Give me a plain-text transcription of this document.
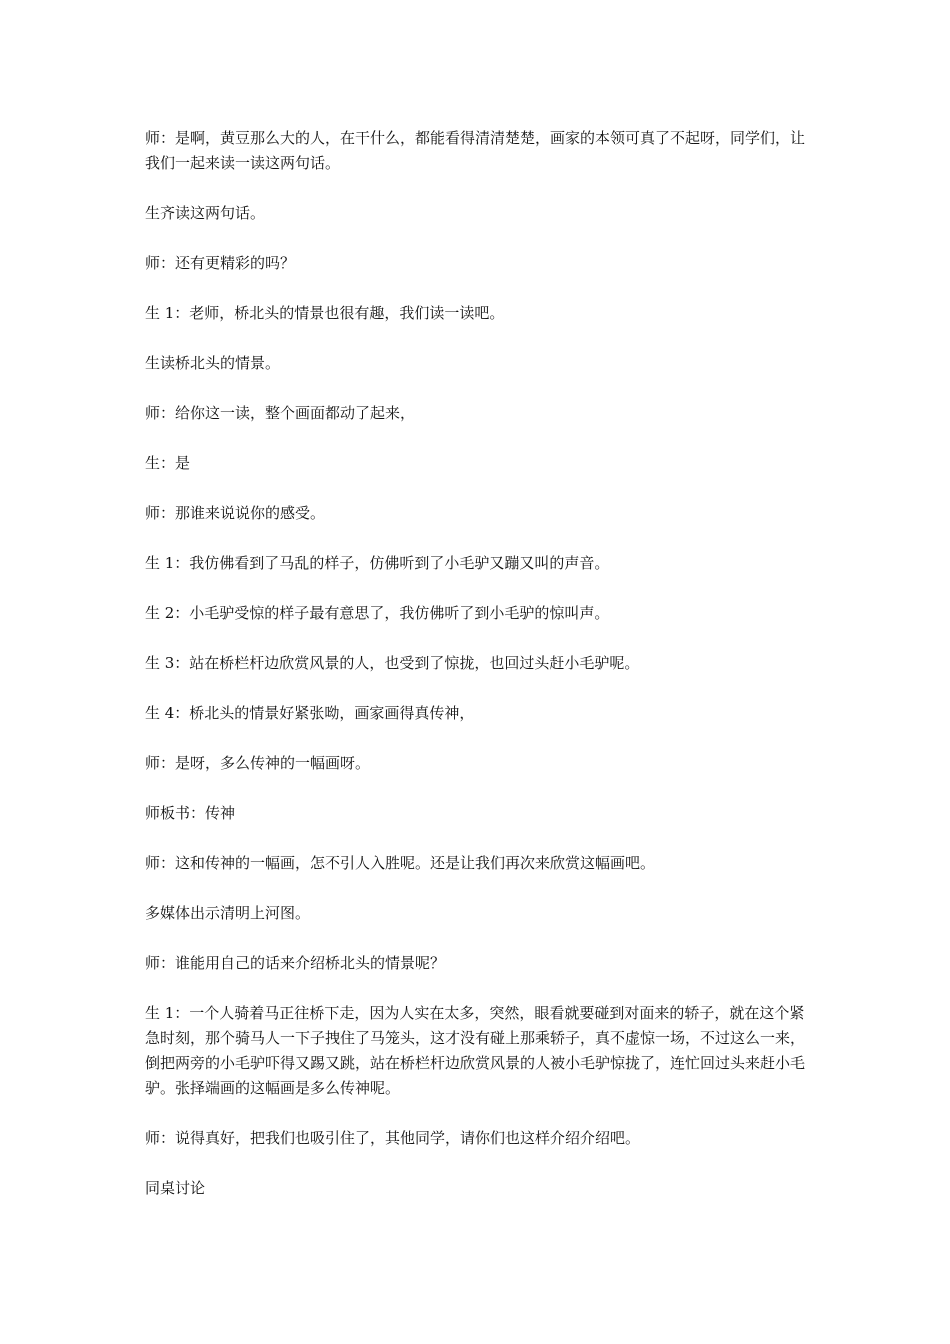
师：是啊，黄豆那么大的人，在干什么，都能看得清清楚楚，画家的本领可真了不起呀，同学们，让我们一起来读一读这两句话。

生齐读这两句话。

师：还有更精彩的吗？

生 1：老师，桥北头的情景也很有趣，我们读一读吧。

生读桥北头的情景。

师：给你这一读，整个画面都动了起来，

生：是

师：那谁来说说你的感受。

生 1：我仿佛看到了马乱的样子，仿佛听到了小毛驴又蹦又叫的声音。

生 2：小毛驴受惊的样子最有意思了，我仿佛听了到小毛驴的惊叫声。

生 3：站在桥栏杆边欣赏风景的人，也受到了惊拢，也回过头赶小毛驴呢。

生 4：桥北头的情景好紧张呦，画家画得真传神，

师：是呀，多么传神的一幅画呀。

师板书：传神

师：这和传神的一幅画，怎不引人入胜呢。还是让我们再次来欣赏这幅画吧。

多媒体出示清明上河图。

师：谁能用自己的话来介绍桥北头的情景呢？

生 1：一个人骑着马正往桥下走，因为人实在太多，突然，眼看就要碰到对面来的轿子，就在这个紧急时刻，那个骑马人一下子拽住了马笼头，这才没有碰上那乘轿子，真不虚惊一场，不过这么一来，倒把两旁的小毛驴吓得又踢又跳，站在桥栏杆边欣赏风景的人被小毛驴惊拢了，连忙回过头来赶小毛驴。张择端画的这幅画是多么传神呢。

师：说得真好，把我们也吸引住了，其他同学，请你们也这样介绍介绍吧。

同桌讨论
